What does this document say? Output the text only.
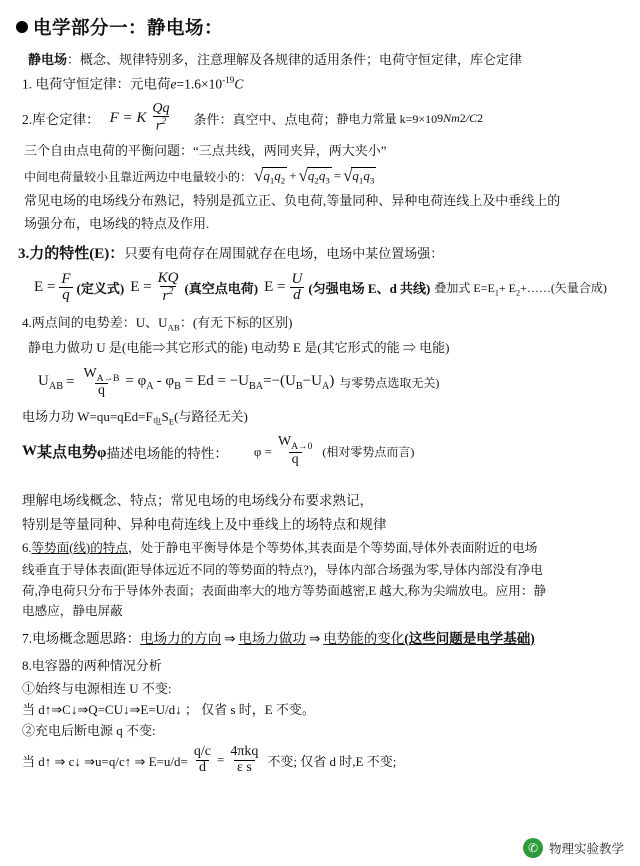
电学部分一：静电场：
静电场：概念、规律特别多，注意理解及各规律的适用条件；电荷守恒定律，库仑定律
1. 电荷守恒定律：元电荷$e=1.6\times 10^{-19}C$
2.库仑定律： F = K $\frac{Qq}{r^2}$ 条件：真空中、点电荷； 静电力常量 k=9×10 9 Nm 2 /C 2
三个自由点电荷的平衡问题：“三点共线，两同夹异，两大夹小”
中间电荷量较小且靠近两边中电量较小的： √ $q_1q_2$ + √ $q_2q_3$ = √ $q_1q_3$
常见电场的电场线分布熟记，特别是孤立正、负电荷,等量同种、异种电荷连线上及中垂线上的
场强分布，电场线的特点及作用.
3.力的特性(E)：只要有电荷存在周围就存在电场，电场中某位置场强：
$E = \frac{F}{q}$ (定义式) $E = \frac{KQ}{r^2}$ (真空点电荷) $E = \frac{U}{d}$ (匀强电场 E、d 共线) 叠加式 $E=E_1+$ $E_2+\dots\dots$(矢量合成)
4.两点间的电势差：U、$U_{AB}$：(有无下标的区别)
静电力做功 U 是(电能⇒其它形式的能) 电动势 E 是(其它形式的能 ⇒ 电能)
$U_{AB} = \frac{W_{A\to B}}{q} = \varphi_A - \varphi_B = Ed = -U_{BA}=-(U_B-U_A)$ 与零势点选取无关)
电场力功 $W=qu=qEd=F_电S_E$(与路径无关)
W 某点电势φ 描述电场能的特性： $\varphi = \frac{W_{A\to 0}}{q}$ (相对零势点而言)
理解电场线概念、特点；常见电场的电场线分布要求熟记，
特别是等量同种、异种电荷连线上及中垂线上的场特点和规律
6.等势面(线)的特点，处于静电平衡导体是个等势体,其表面是个等势面,导体外表面附近的电场
线垂直于导体表面(距导体远近不同的等势面的特点?)，导体内部合场强为零,导体内部没有净电
荷,净电荷只分布于导体外表面；表面曲率大的地方等势面越密,E 越大,称为尖端放电。应用：静
电感应，静电屏蔽
7.电场概念题思路：电场力的方向 ⇒ 电场力做功 ⇒ 电势能的变化(这些问题是电学基础)
8.电容器的两种情况分析
①始终与电源相连 U 不变:
当 d↑⇒C↓⇒Q=CU↓⇒E=U/d↓ ； 仅省 s 时，E 不变。
②充电后断电源 q 不变:
当 d↑ ⇒ c↓ ⇒u=q/c↑ ⇒ $E=u/d= \frac{q/c}{d} = \frac{\text{4πkq}}{\text{ε s}}$ 不变; 仅省 d 时,E 不变;
✆ 物理实验教学
